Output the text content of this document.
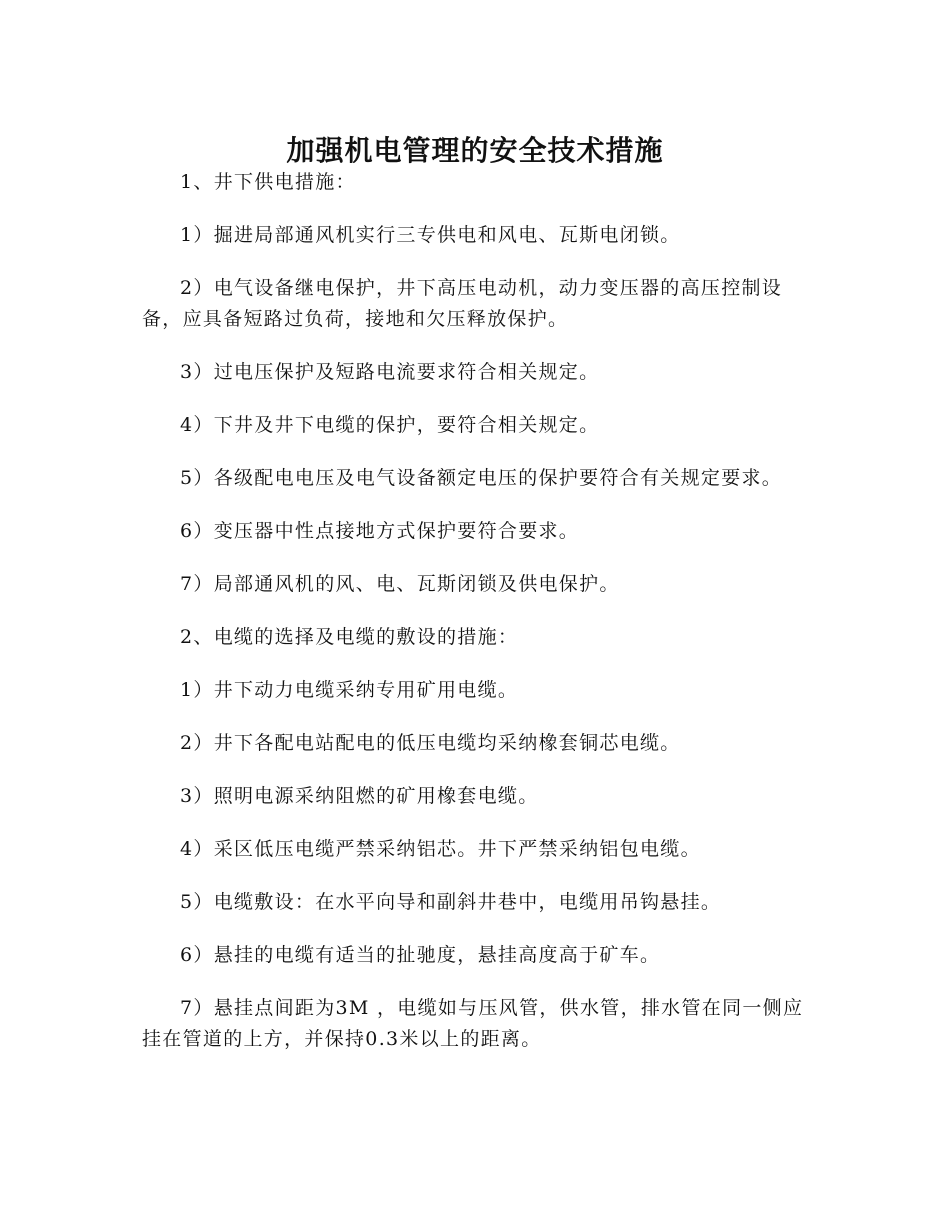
加强机电管理的安全技术措施

1、井下供电措施：

1）掘进局部通风机实行三专供电和风电、瓦斯电闭锁。

2）电气设备继电保护，井下高压电动机，动力变压器的高压控制设备，应具备短路过负荷，接地和欠压释放保护。

3）过电压保护及短路电流要求符合相关规定。

4）下井及井下电缆的保护，要符合相关规定。

5）各级配电电压及电气设备额定电压的保护要符合有关规定要求。

6）变压器中性点接地方式保护要符合要求。

7）局部通风机的风、电、瓦斯闭锁及供电保护。

2、电缆的选择及电缆的敷设的措施：

1）井下动力电缆采纳专用矿用电缆。

2）井下各配电站配电的低压电缆均采纳橡套铜芯电缆。

3）照明电源采纳阻燃的矿用橡套电缆。

4）采区低压电缆严禁采纳铝芯。井下严禁采纳铝包电缆。

5）电缆敷设：在水平向导和副斜井巷中，电缆用吊钩悬挂。

6）悬挂的电缆有适当的扯驰度，悬挂高度高于矿车。

7）悬挂点间距为3M ，电缆如与压风管，供水管，排水管在同一侧应挂在管道的上方，并保持0.3米以上的距离。
